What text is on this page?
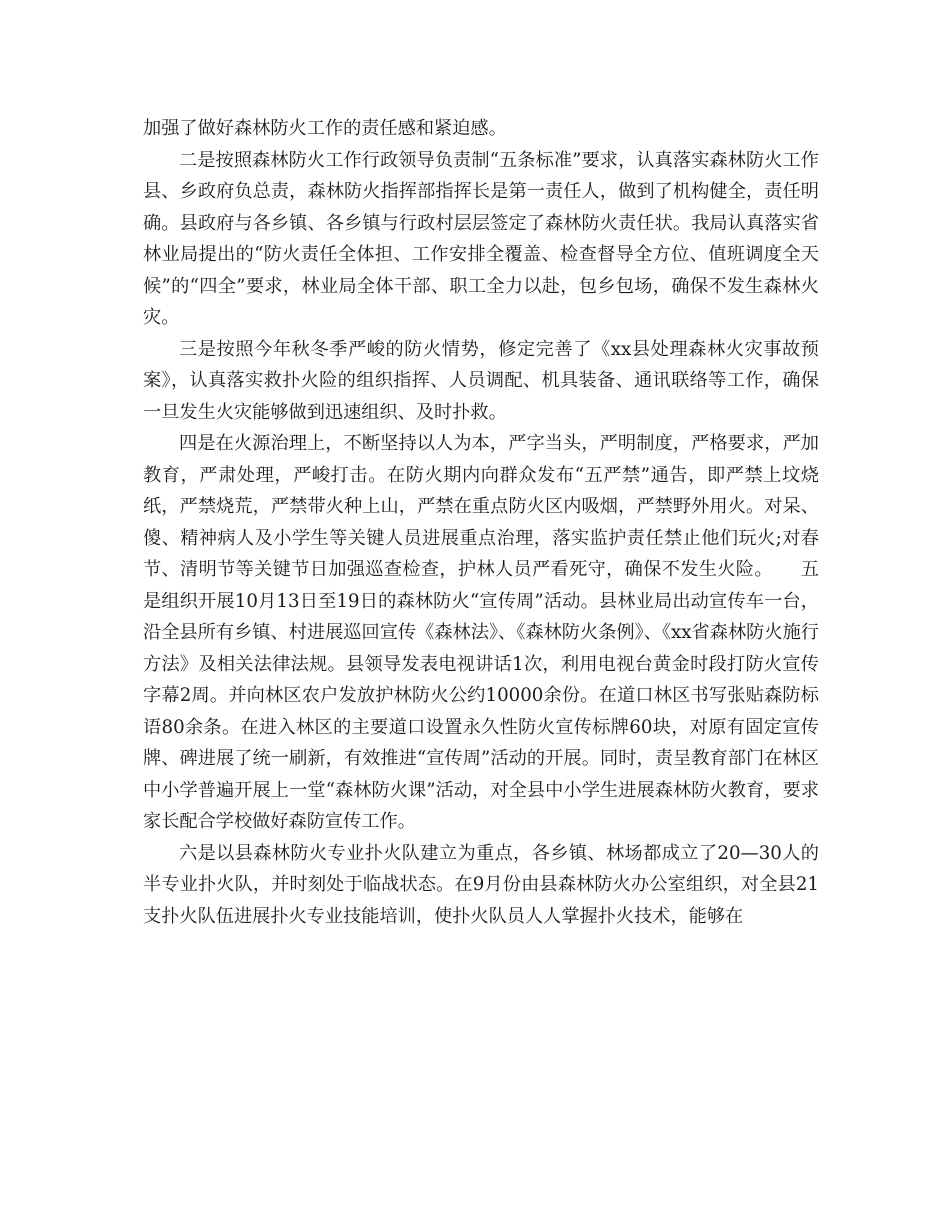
加强了做好森林防火工作的责任感和紧迫感。

二是按照森林防火工作行政领导负责制“五条标准”要求，认真落实森林防火工作县、乡政府负总责，森林防火指挥部指挥长是第一责任人，做到了机构健全，责任明确。县政府与各乡镇、各乡镇与行政村层层签定了森林防火责任状。我局认真落实省林业局提出的“防火责任全体担、工作安排全覆盖、检查督导全方位、值班调度全天候”的“四全”要求，林业局全体干部、职工全力以赴，包乡包场，确保不发生森林火灾。

三是按照今年秋冬季严峻的防火情势，修定完善了《xx县处理森林火灾事故预案》，认真落实救扑火险的组织指挥、人员调配、机具装备、通讯联络等工作，确保一旦发生火灾能够做到迅速组织、及时扑救。

四是在火源治理上，不断坚持以人为本，严字当头，严明制度，严格要求，严加教育，严肃处理，严峻打击。在防火期内向群众发布“五严禁”通告，即严禁上坟烧纸，严禁烧荒，严禁带火种上山，严禁在重点防火区内吸烟，严禁野外用火。对呆、傻、精神病人及小学生等关键人员进展重点治理，落实监护责任禁止他们玩火;对春节、清明节等关键节日加强巡查检查，护林人员严看死守，确保不发生火险。　　五是组织开展10月13日至19日的森林防火“宣传周”活动。县林业局出动宣传车一台，沿全县所有乡镇、村进展巡回宣传《森林法》、《森林防火条例》、《xx省森林防火施行方法》及相关法律法规。县领导发表电视讲话1次，利用电视台黄金时段打防火宣传字幕2周。并向林区农户发放护林防火公约10000余份。在道口林区书写张贴森防标语80余条。在进入林区的主要道口设置永久性防火宣传标牌60块，对原有固定宣传牌、碑进展了统一刷新，有效推进“宣传周”活动的开展。同时，责呈教育部门在林区中小学普遍开展上一堂“森林防火课”活动，对全县中小学生进展森林防火教育，要求家长配合学校做好森防宣传工作。

六是以县森林防火专业扑火队建立为重点，各乡镇、林场都成立了20—30人的半专业扑火队，并时刻处于临战状态。在9月份由县森林防火办公室组织，对全县21支扑火队伍进展扑火专业技能培训，使扑火队员人人掌握扑火技术，能够在
